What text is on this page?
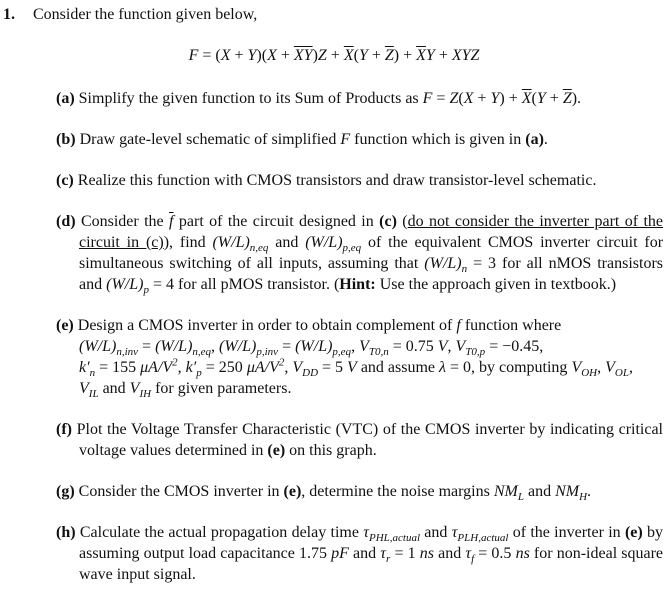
1. Consider the function given below,
$F = (X + Y)(X + \overline{XY})Z + \overline{X}(Y + \overline{Z}) + \overline{X}Y$ + XYZ
(a) Simplify the given function to its Sum of Products as $F = Z(X + Y) + \overline{X}(Y + \overline{Z})$.
(b) Draw gate-level schematic of simplified F function which is given in (a).
(c) Realize this function with CMOS transistors and draw transistor-level schematic.
(d) Consider the $\overline{f}$ part of the circuit designed in (c) (do not consider the inverter part of the circuit in (c)), find $(W/L)_{n,eq}$ and $(W/L)_{p,eq}$ of the equivalent CMOS inverter circuit for simultaneous switching of all inputs, assuming that $(W/L)_n = 3$ for all nMOS transistors and $(W/L)_p = 4$ for all pMOS transistor. (Hint: Use the approach given in textbook.)
(e) Design a CMOS inverter in order to obtain complement of f function where
$(W/L)_{n,inv} = (W/L)_{n,eq}$, $(W/L)_{p,inv} = (W/L)_{p,eq}$, $V_{T0,n} = 0.75$ V, $V_{T0,p} = -0.45$,
$k'_n = 155$ $\mu A/V^2$, $k'_p = 250$ $\mu A/V^2$, $V_{DD} = 5$ V and assume λ = 0, by computing $V_{OH}$, $V_{OL}$,
$V_{IL}$ and $V_{IH}$ for given parameters.
(f) Plot the Voltage Transfer Characteristic (VTC) of the CMOS inverter by indicating critical voltage values determined in (e) on this graph.
(g) Consider the CMOS inverter in (e), determine the noise margins $NM_L$ and $NM_H$.
(h) Calculate the actual propagation delay time $\tau_{PHL,actual}$ and $\tau_{PLH,actual}$ of the inverter in (e) by assuming output load capacitance 1.75 pF and $\tau_r = 1$ ns and $\tau_f = 0.5$ ns for non-ideal square wave input signal.
